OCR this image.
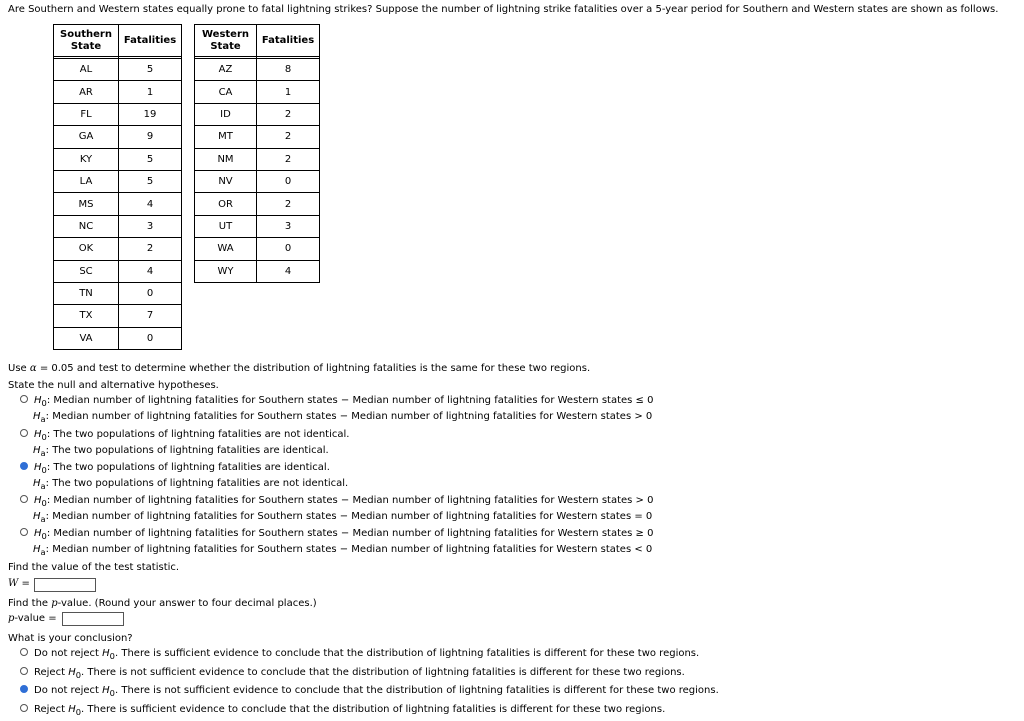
Are Southern and Western states equally prone to fatal lightning strikes? Suppose the number of lightning strike fatalities over a 5-year period for Southern and Western states are shown as follows.
Southern
State	Fatalities

AL	5
AR	1
FL	19
GA	9
KY	5
LA	5
MS	4
NC	3
OK	2
SC	4
TN	0
TX	7
VA	0
Western
State	Fatalities

AZ	8
CA	1
ID	2
MT	2
NM	2
NV	0
OR	2
UT	3
WA	0
WY	4
Use α = 0.05 and test to determine whether the distribution of lightning fatalities is the same for these two regions.
State the null and alternative hypotheses.
$H_0$: Median number of lightning fatalities for Southern states − Median number of lightning fatalities for Western states ≤ 0
$H_a$: Median number of lightning fatalities for Southern states − Median number of lightning fatalities for Western states > 0
$H_0$: The two populations of lightning fatalities are not identical.
$H_a$: The two populations of lightning fatalities are identical.
$H_0$: The two populations of lightning fatalities are identical.
$H_a$: The two populations of lightning fatalities are not identical.
$H_0$: Median number of lightning fatalities for Southern states − Median number of lightning fatalities for Western states > 0
$H_a$: Median number of lightning fatalities for Southern states − Median number of lightning fatalities for Western states = 0
$H_0$: Median number of lightning fatalities for Southern states − Median number of lightning fatalities for Western states ≥ 0
$H_a$: Median number of lightning fatalities for Southern states − Median number of lightning fatalities for Western states < 0
Find the value of the test statistic.
W =
Find the p-value. (Round your answer to four decimal places.)
p-value =
What is your conclusion?
Do not reject $H_0$. There is sufficient evidence to conclude that the distribution of lightning fatalities is different for these two regions.
Reject $H_0$. There is not sufficient evidence to conclude that the distribution of lightning fatalities is different for these two regions.
Do not reject $H_0$. There is not sufficient evidence to conclude that the distribution of lightning fatalities is different for these two regions.
Reject $H_0$. There is sufficient evidence to conclude that the distribution of lightning fatalities is different for these two regions.
